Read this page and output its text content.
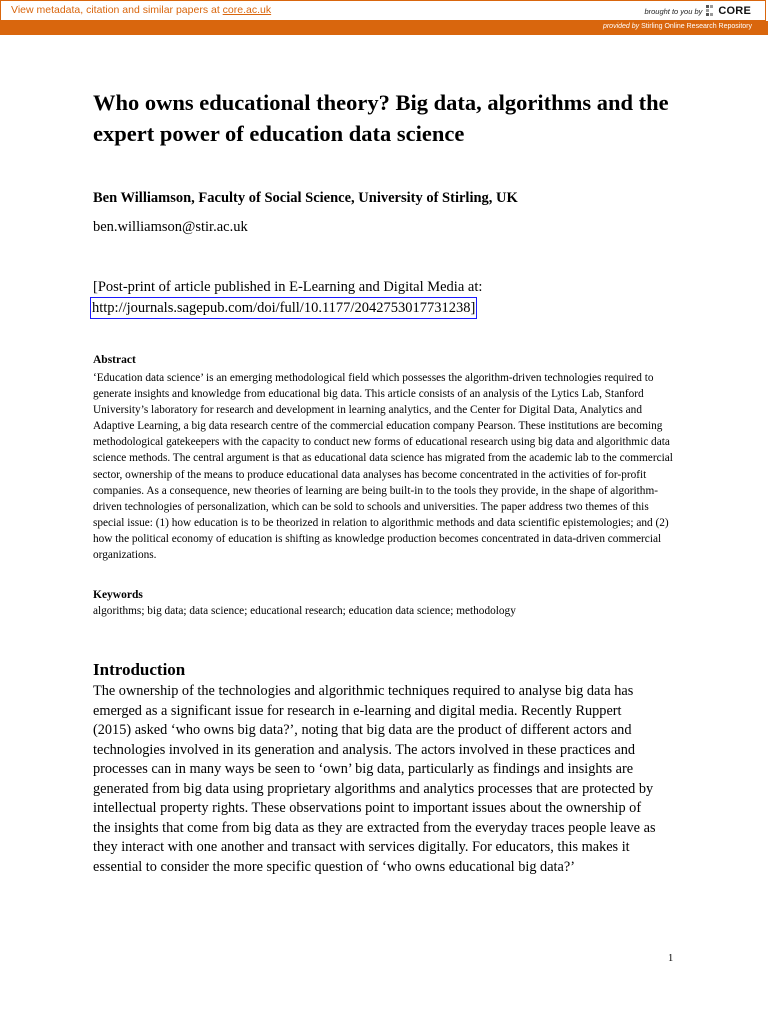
View metadata, citation and similar papers at core.ac.uk	brought to you by CORE
provided by Stirling Online Research Repository
Who owns educational theory? Big data, algorithms and the expert power of education data science
Ben Williamson, Faculty of Social Science, University of Stirling, UK
ben.williamson@stir.ac.uk
[Post-print of article published in E-Learning and Digital Media at:
http://journals.sagepub.com/doi/full/10.1177/2042753017731238]
Abstract

‘Education data science’ is an emerging methodological field which possesses the algorithm-driven technologies required to generate insights and knowledge from educational big data. This article consists of an analysis of the Lytics Lab, Stanford University’s laboratory for research and development in learning analytics, and the Center for Digital Data, Analytics and Adaptive Learning, a big data research centre of the commercial education company Pearson. These institutions are becoming methodological gatekeepers with the capacity to conduct new forms of educational research using big data and algorithmic data science methods. The central argument is that as educational data science has migrated from the academic lab to the commercial sector, ownership of the means to produce educational data analyses has become concentrated in the activities of for-profit companies. As a consequence, new theories of learning are being built-in to the tools they provide, in the shape of algorithm-driven technologies of personalization, which can be sold to schools and universities. The paper address two themes of this special issue: (1) how education is to be theorized in relation to algorithmic methods and data scientific epistemologies; and (2) how the political economy of education is shifting as knowledge production becomes concentrated in data-driven commercial organizations.

Keywords
algorithms; big data; data science; educational research; education data science; methodology
Introduction

The ownership of the technologies and algorithmic techniques required to analyse big data has emerged as a significant issue for research in e-learning and digital media. Recently Ruppert (2015) asked ‘who owns big data?’, noting that big data are the product of different actors and technologies involved in its generation and analysis. The actors involved in these practices and processes can in many ways be seen to ‘own’ big data, particularly as findings and insights are generated from big data using proprietary algorithms and analytics processes that are protected by intellectual property rights. These observations point to important issues about the ownership of the insights that come from big data as they are extracted from the everyday traces people leave as they interact with one another and transact with services digitally. For educators, this makes it essential to consider the more specific question of ‘who owns educational big data?’

1
